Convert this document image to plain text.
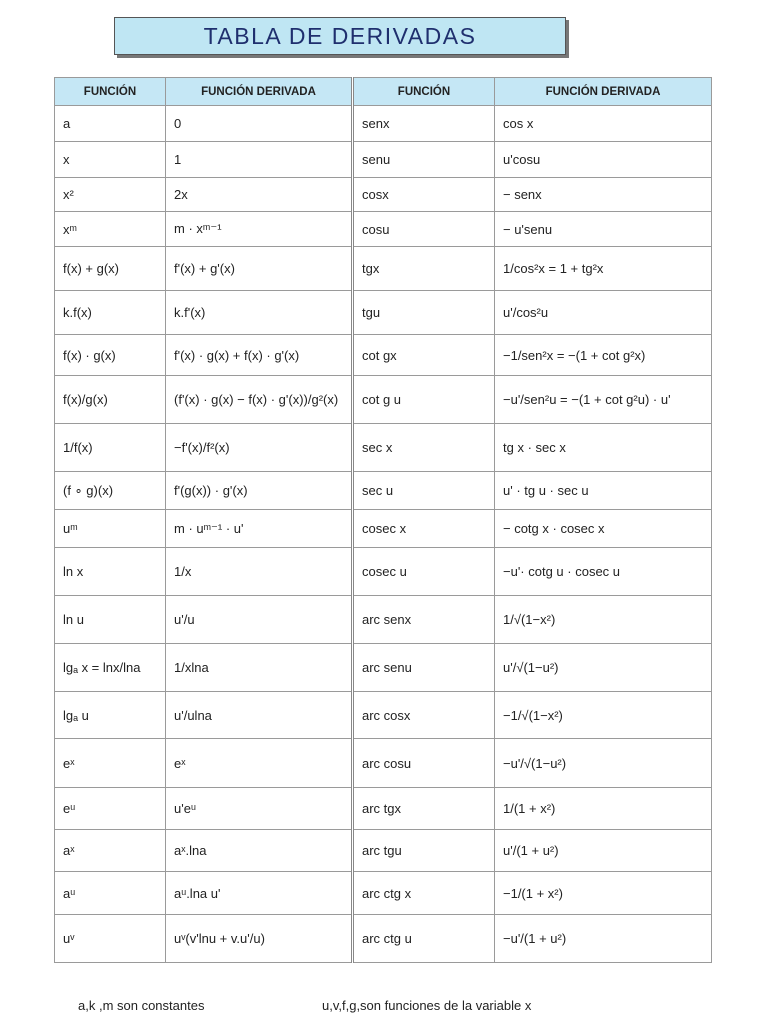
TABLA DE DERIVADAS
FUNCIÓN	FUNCIÓN DERIVADA	FUNCIÓN	FUNCIÓN DERIVADA
a	0	senx	cos x
x	1	senu	u'cosu
x²	2x	cosx	− senx
xᵐ	m · xᵐ⁻¹	cosu	− u'senu
f(x) + g(x)	f'(x) + g'(x)	tgx	1/cos²x = 1 + tg²x
k.f(x)	k.f'(x)	tgu	u'/cos²u
f(x) · g(x)	f'(x) · g(x) + f(x) · g'(x)	cot gx	−1/sen²x = −(1 + cot g²x)
f(x)/g(x)	(f'(x) · g(x) − f(x) · g'(x))/g²(x)	cot g u	−u'/sen²u = −(1 + cot g²u) · u'
1/f(x)	−f'(x)/f²(x)	sec x	tg x · sec x
(f ∘ g)(x)	f'(g(x)) · g'(x)	sec u	u' · tg u · sec u
uᵐ	m · uᵐ⁻¹ · u'	cosec x	− cotg x · cosec x
ln x	1/x	cosec u	−u'· cotg u · cosec u
ln u	u'/u	arc senx	1/√(1−x²)
lgₐ x = lnx/lna	1/xlna	arc senu	u'/√(1−u²)
lgₐ u	u'/ulna	arc cosx	−1/√(1−x²)
eˣ	eˣ	arc cosu	−u'/√(1−u²)
eᵘ	u'eᵘ	arc tgx	1/(1 + x²)
aˣ	aˣ.lna	arc tgu	u'/(1 + u²)
aᵘ	aᵘ.lna u'	arc ctg x	−1/(1 + x²)
uᵛ	uᵛ(v'lnu + v.u'/u)	arc ctg u	−u'/(1 + u²)
a,k ,m son constantes	u,v,f,g,son funciones de la variable x
